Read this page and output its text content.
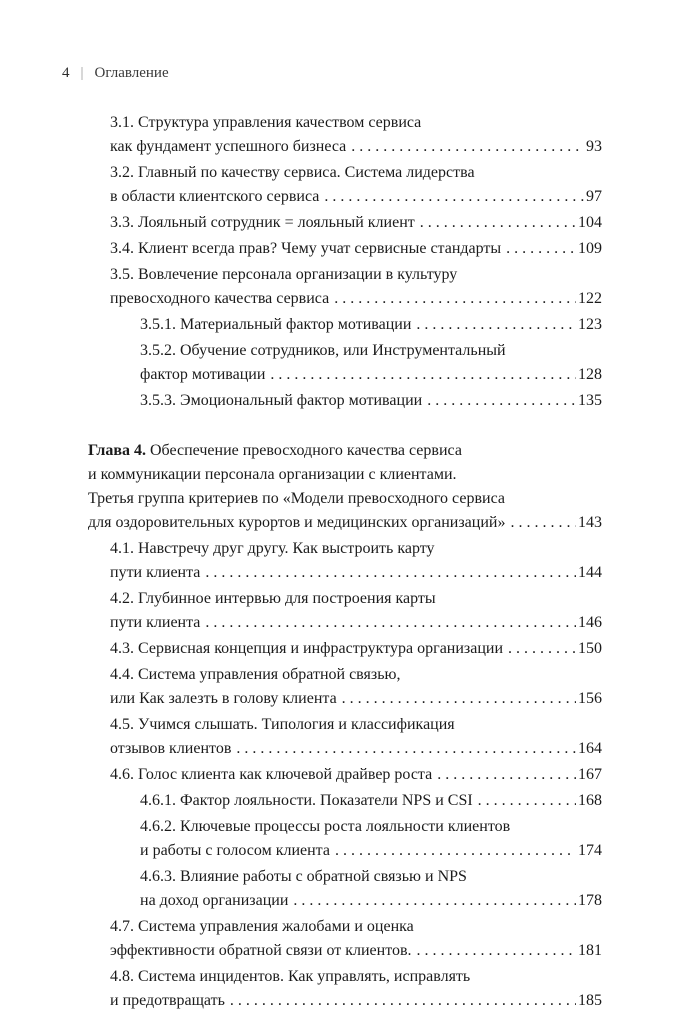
4 | Оглавление
3.1. Структура управления качеством сервиса
как фундамент успешного бизнеса . . .	93
3.2. Главный по качеству сервиса. Система лидерства
в области клиентского сервиса . . .	97
3.3. Лояльный сотрудник = лояльный клиент . . .	104
3.4. Клиент всегда прав? Чему учат сервисные стандарты . . .	109
3.5. Вовлечение персонала организации в культуру
превосходного качества сервиса . . .	122
3.5.1. Материальный фактор мотивации . . .	123
3.5.2. Обучение сотрудников, или Инструментальный
фактор мотивации . . .	128
3.5.3. Эмоциональный фактор мотивации . . .	135
Глава 4. Обеспечение превосходного качества сервиса
и коммуникации персонала организации с клиентами.
Третья группа критериев по «Модели превосходного сервиса
для оздоровительных курортов и медицинских организаций» . . .	143
4.1. Навстречу друг другу. Как выстроить карту
пути клиента . . .	144
4.2. Глубинное интервью для построения карты
пути клиента . . .	146
4.3. Сервисная концепция и инфраструктура организации . . .	150
4.4. Система управления обратной связью,
или Как залезть в голову клиента . . .	156
4.5. Учимся слышать. Типология и классификация
отзывов клиентов . . .	164
4.6. Голос клиента как ключевой драйвер роста . . .	167
4.6.1. Фактор лояльности. Показатели NPS и CSI . . .	168
4.6.2. Ключевые процессы роста лояльности клиентов
и работы с голосом клиента . . .	174
4.6.3. Влияние работы с обратной связью и NPS
на доход организации . . .	178
4.7. Система управления жалобами и оценка
эффективности обратной связи от клиентов. . . .	181
4.8. Система инцидентов. Как управлять, исправлять
и предотвращать . . .	185
